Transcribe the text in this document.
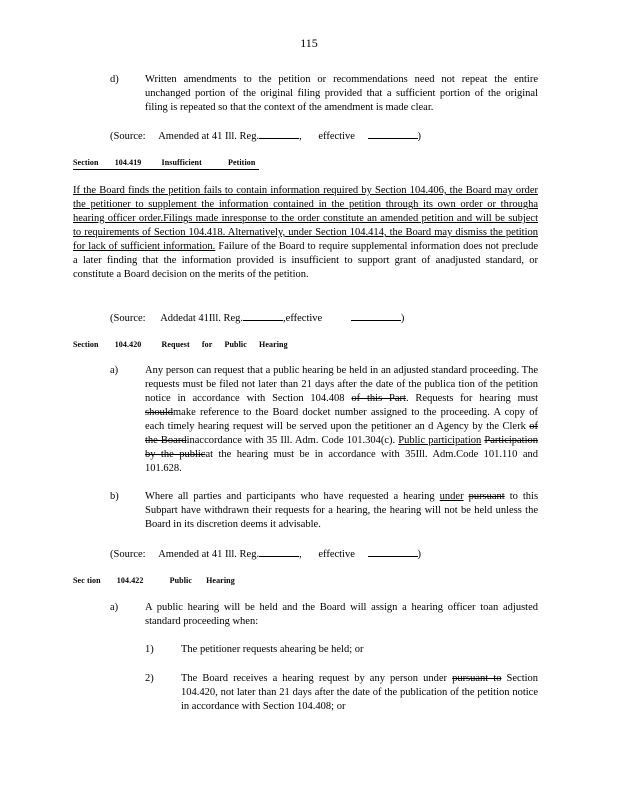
115
d)	Written amendments to the petition or recommendations need not repeat the entire unchanged portion of the original filing provided that a sufficient portion of the original filing is repeated so that the context of the amendment is made clear.
(Source: Amended at 41 Ill. Reg.	, effective	)
Section 104.419	Insufficient	Petition
If the Board finds the petition fails to contain information required by Section 104.406, the Board may order the petitioner to supplement the information contained in the petition through its own order or throughа hearing officer order.Filings made inresponse to the order constitute an amended petition and will be subject to requirements of Section 104.418. Alternatively, under Section 104.414, the Board may dismiss the petition for lack of sufficient information. Failure of the Board to require supplemental information does not preclude a later finding that the information provided is insufficient to support grant of anadjusted standard, or constitute a Board decision on the merits of the petition.
(Source: Addedat 41Ill. Reg.	,effective	)
Section 104.420	Request for Public Hearing
a)	Any person can request that a public hearing be held in an adjusted standard proceeding. The requests must be filed not later than 21 days after the date of the publica tion of the petition notice in accordance with Section 104.408 of this Part. Requests for hearing must shouldmake reference to the Board docket number assigned to the proceeding. A copy of each timely hearing request will be served upon the petitioner an d Agency by the Clerk of the Boardinaccordance with 35 Ill. Adm. Code 101.304(c). Public participation Participation by the publicat the hearing must be in accordance with 35Ill. Adm.Code 101.110 and 101.628.
b)	Where all parties and participants who have requested a hearing under pursuant to this Subpart have withdrawn their requests for a hearing, the hearing will not be held unless the Board in its discretion deems it advisable.
(Source: Amended at 41 Ill. Reg.	, effective	)
Sec tion 104.422	Public Hearing
a)	A public hearing will be held and the Board will assign a hearing officer toan adjusted standard proceeding when:
1)	The petitioner requests ahearing be held; or
2)	The Board receives a hearing request by any person under pursuant to Section 104.420, not later than 21 days after the date of the publication of the petition notice in accordance with Section 104.408; or
